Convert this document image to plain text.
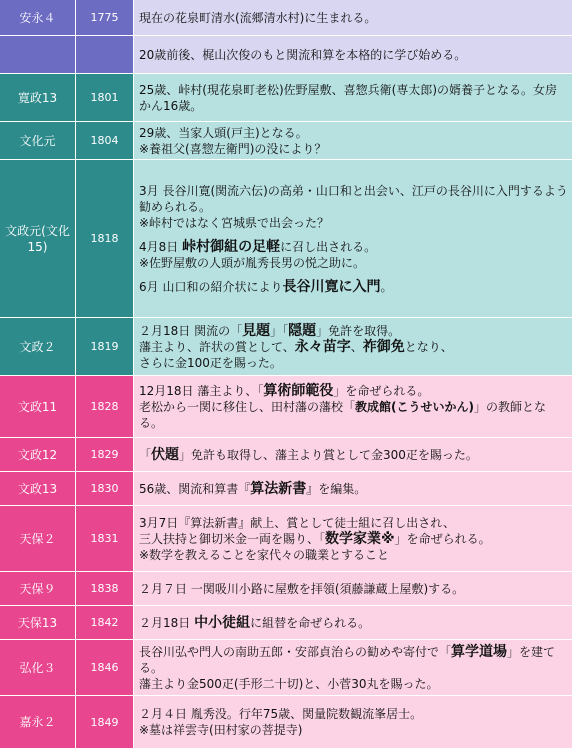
安永４	1775	現在の花泉町清水(流郷清水村)に生まれる。

		20歳前後、梶山次俊のもと関流和算を本格的に学び始める。

寛政13	1801	25歳、峠村(現花泉町老松)佐野屋敷、喜惣兵衛(専太郎)の婿養子となる。女房かん16歳。

文化元	1804	29歳、当家人頭(戸主)となる。
※養祖父(喜惣左衛門)の没により？

文政元(文化15)	1818	3月 長谷川寛(関流六伝)の高弟・山口和と出会い、江戸の長谷川に入門するよう勧められる。
※峠村ではなく宮城県で出会った？
4月8日 峠村御組の足軽に召し出される。
※佐野屋敷の人頭が胤秀長男の悦之助に。
6月 山口和の紹介状により長谷川寛に入門。

文政２	1819	２月18日 関流の「見題」「隠題」免許を取得。
藩主より、許状の賞として、永々苗字、祚御免となり、
さらに金100疋を賜った。

文政11	1828	12月18日 藩主より、「算術師範役」を命ぜられる。
老松から一関に移住し、田村藩の藩校「教成館(こうせいかん)」の教師となる。

文政12	1829	「伏題」免許も取得し、藩主より賞として金300疋を賜った。

文政13	1830	56歳、関流和算書『算法新書』を編集。

天保２	1831	3月7日『算法新書』献上、賞として徒士組に召し出され、
三人扶持と御切米金一両を賜り、「数学家業※」を命ぜられる。
※数学を教えることを家代々の職業とすること

天保９	1838	２月７日 一関吸川小路に屋敷を拝領(須藤謙蔵上屋敷)する。

天保13	1842	２月18日 中小徒組に組替を命ぜられる。

弘化３	1846	長谷川弘や門人の南助五郎・安部貞治らの勧めや寄付で「算学道場」を建てる。
藩主より金500疋(手形二十切)と、小菅30丸を賜った。

嘉永２	1849	２月４日 胤秀没。行年75歳、関量院数観流峯居士。
※墓は祥雲寺(田村家の菩提寺)
